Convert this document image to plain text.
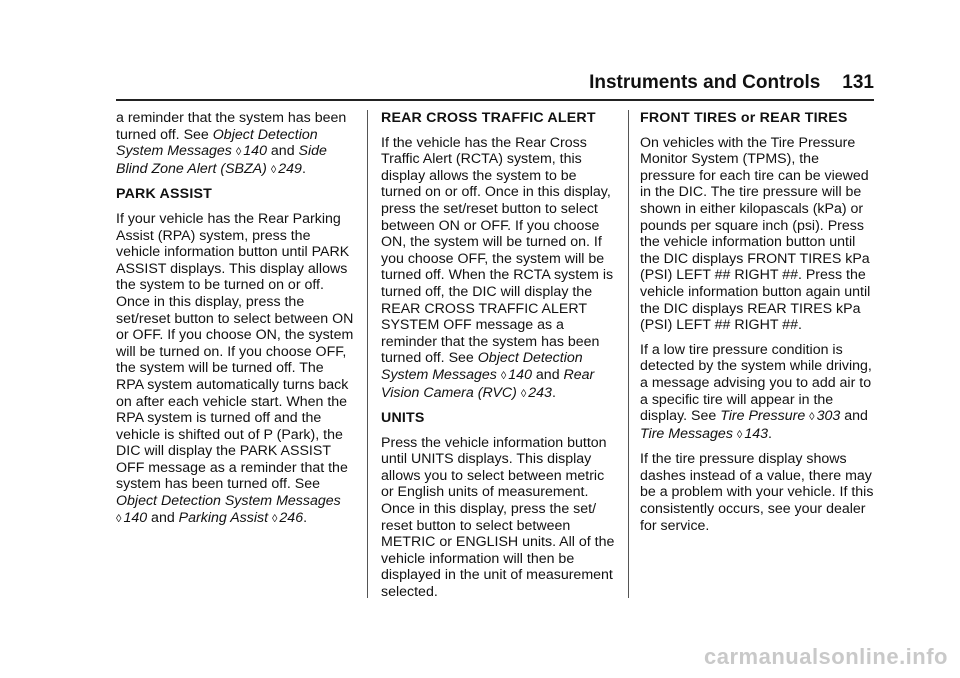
Instruments and Controls 131

a reminder that the system has been turned off. See Object Detection System Messages ◊ 140 and Side Blind Zone Alert (SBZA) ◊ 249.

PARK ASSIST

If your vehicle has the Rear Parking Assist (RPA) system, press the vehicle information button until PARK ASSIST displays. This display allows the system to be turned on or off. Once in this display, press the set/reset button to select between ON or OFF. If you choose ON, the system will be turned on. If you choose OFF, the system will be turned off. The RPA system automatically turns back on after each vehicle start. When the RPA system is turned off and the vehicle is shifted out of P (Park), the DIC will display the PARK ASSIST OFF message as a reminder that the system has been turned off. See Object Detection System Messages ◊ 140 and Parking Assist ◊ 246.

REAR CROSS TRAFFIC ALERT

If the vehicle has the Rear Cross Traffic Alert (RCTA) system, this display allows the system to be turned on or off. Once in this display, press the set/reset button to select between ON or OFF. If you choose ON, the system will be turned on. If you choose OFF, the system will be turned off. When the RCTA system is turned off, the DIC will display the REAR CROSS TRAFFIC ALERT SYSTEM OFF message as a reminder that the system has been turned off. See Object Detection System Messages ◊ 140 and Rear Vision Camera (RVC) ◊ 243.

UNITS

Press the vehicle information button until UNITS displays. This display allows you to select between metric or English units of measurement. Once in this display, press the set/ reset button to select between METRIC or ENGLISH units. All of the vehicle information will then be displayed in the unit of measurement selected.

FRONT TIRES or REAR TIRES

On vehicles with the Tire Pressure Monitor System (TPMS), the pressure for each tire can be viewed in the DIC. The tire pressure will be shown in either kilopascals (kPa) or pounds per square inch (psi). Press the vehicle information button until the DIC displays FRONT TIRES kPa (PSI) LEFT ## RIGHT ##. Press the vehicle information button again until the DIC displays REAR TIRES kPa (PSI) LEFT ## RIGHT ##.

If a low tire pressure condition is detected by the system while driving, a message advising you to add air to a specific tire will appear in the display. See Tire Pressure ◊ 303 and Tire Messages ◊ 143.

If the tire pressure display shows dashes instead of a value, there may be a problem with your vehicle. If this consistently occurs, see your dealer for service.

carmanualsonline.info
